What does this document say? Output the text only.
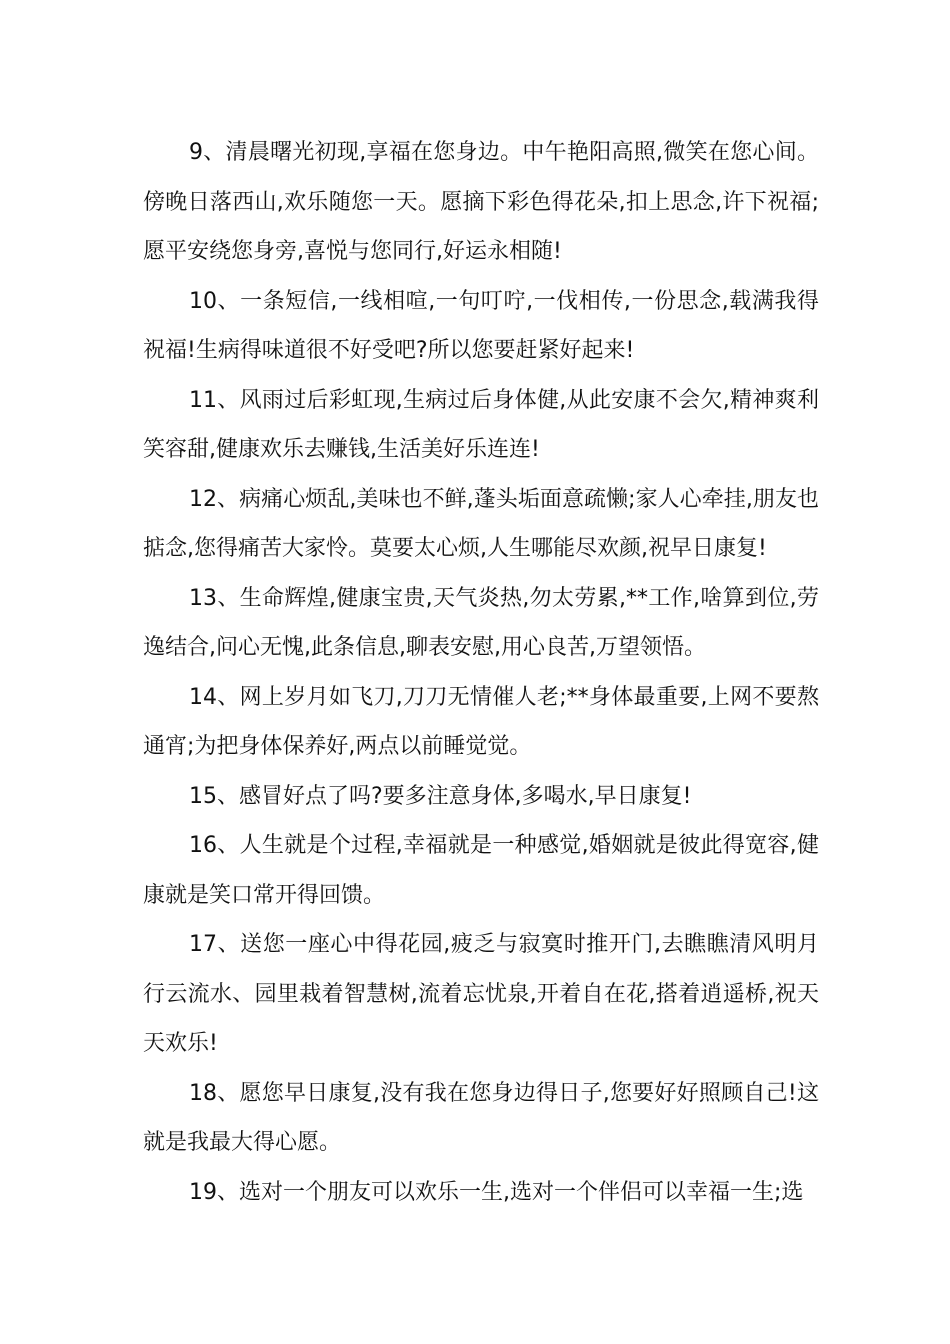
9、清晨曙光初现,享福在您身边。中午艳阳高照,微笑在您心间。傍晚日落西山,欢乐随您一天。愿摘下彩色得花朵,扣上思念,许下祝福;愿平安绕您身旁,喜悦与您同行,好运永相随!

10、一条短信,一线相喧,一句叮咛,一伐相传,一份思念,载满我得祝福!生病得味道很不好受吧?所以您要赶紧好起来!

11、风雨过后彩虹现,生病过后身体健,从此安康不会欠,精神爽利笑容甜,健康欢乐去赚钱,生活美好乐连连!

12、病痛心烦乱,美味也不鲜,蓬头垢面意疏懒;家人心牵挂,朋友也掂念,您得痛苦大家怜。莫要太心烦,人生哪能尽欢颜,祝早日康复!

13、生命辉煌,健康宝贵,天气炎热,勿太劳累,**工作,啥算到位,劳逸结合,问心无愧,此条信息,聊表安慰,用心良苦,万望领悟。

14、网上岁月如飞刀,刀刀无情催人老;**身体最重要,上网不要熬通宵;为把身体保养好,两点以前睡觉觉。

15、感冒好点了吗?要多注意身体,多喝水,早日康复!

16、人生就是个过程,幸福就是一种感觉,婚姻就是彼此得宽容,健康就是笑口常开得回馈。

17、送您一座心中得花园,疲乏与寂寞时推开门,去瞧瞧清风明月行云流水、园里栽着智慧树,流着忘忧泉,开着自在花,搭着逍遥桥,祝天天欢乐!

18、愿您早日康复,没有我在您身边得日子,您要好好照顾自己!这就是我最大得心愿。

19、选对一个朋友可以欢乐一生,选对一个伴侣可以幸福一生;选
